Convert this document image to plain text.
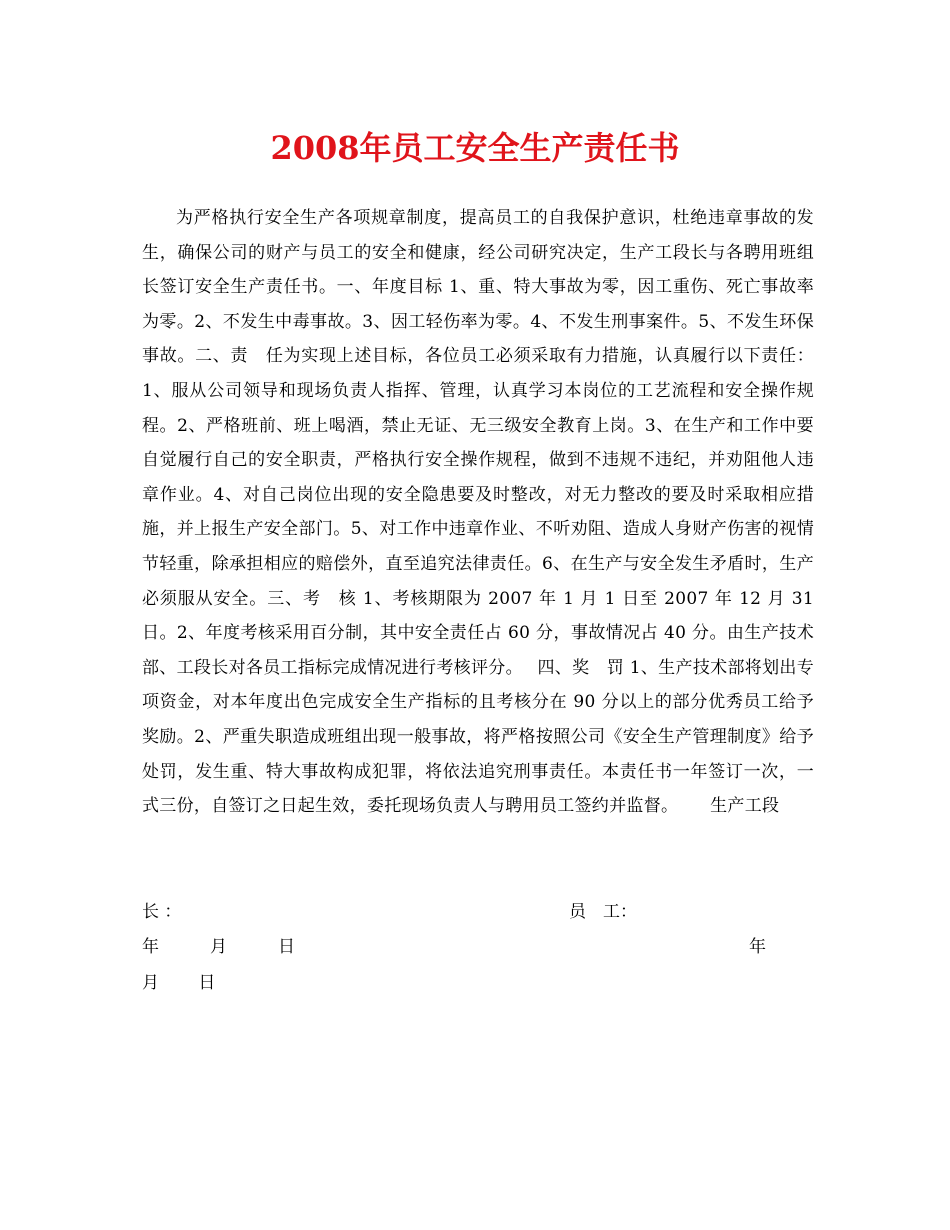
2008年员工安全生产责任书
为严格执行安全生产各项规章制度，提高员工的自我保护意识，杜绝违章事故的发生，确保公司的财产与员工的安全和健康，经公司研究决定，生产工段长与各聘用班组长签订安全生产责任书。一、年度目标 1、重、特大事故为零，因工重伤、死亡事故率为零。2、不发生中毒事故。3、因工轻伤率为零。4、不发生刑事案件。5、不发生环保事故。二、责　任为实现上述目标，各位员工必须采取有力措施，认真履行以下责任：1、服从公司领导和现场负责人指挥、管理，认真学习本岗位的工艺流程和安全操作规程。2、严格班前、班上喝酒，禁止无证、无三级安全教育上岗。3、在生产和工作中要自觉履行自己的安全职责，严格执行安全操作规程，做到不违规不违纪，并劝阻他人违章作业。4、对自己岗位出现的安全隐患要及时整改，对无力整改的要及时采取相应措施，并上报生产安全部门。5、对工作中违章作业、不听劝阻、造成人身财产伤害的视情节轻重，除承担相应的赔偿外，直至追究法律责任。6、在生产与安全发生矛盾时，生产必须服从安全。三、考　核 1、考核期限为 2007 年 1 月 1 日至 2007 年 12 月 31 日。2、年度考核采用百分制，其中安全责任占 60 分，事故情况占 40 分。由生产技术部、工段长对各员工指标完成情况进行考核评分。　 四、奖　罚 1、生产技术部将划出专项资金，对本年度出色完成安全生产指标的且考核分在 90 分以上的部分优秀员工给予奖励。2、严重失职造成班组出现一般事故，将严格按照公司《安全生产管理制度》给予处罚，发生重、特大事故构成犯罪，将依法追究刑事责任。本责任书一年签订一次，一式三份，自签订之日起生效，委托现场负责人与聘用员工签约并监督。　　 生产工段
长 ：	员　工：
年　　　月　　　日	年
月　　 日
